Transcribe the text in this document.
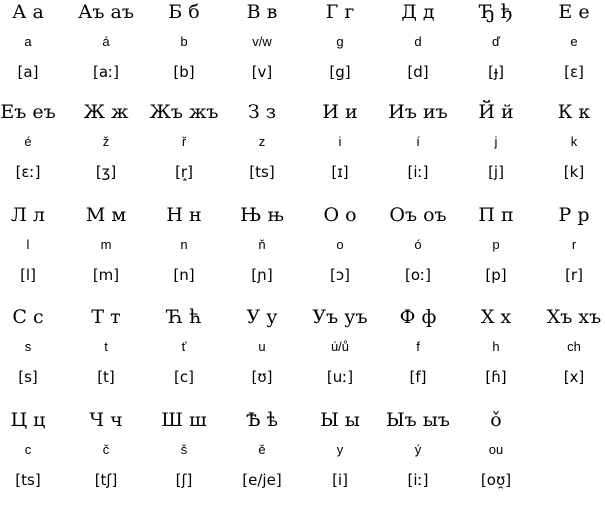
А а
a
[a]
Аъ аъ
á
[aː]
Б б
b
[b]
В в
v/w
[v]
Г г
g
[g]
Д д
d
[d]
Ђ ђ
ď
[ɟ]
Е е
e
[ɛ]
Еъ еъ
é
[ɛː]
Ж ж
ž
[ʒ]
Жъ жъ
ř
[r̝]
З з
z
[ts]
И и
i
[ɪ]
Иъ иъ
í
[iː]
Й й
j
[j]
К к
k
[k]
Л л
l
[l]
М м
m
[m]
Н н
n
[n]
Њ њ
ň
[ɲ]
О о
o
[ɔ]
Оъ оъ
ó
[oː]
П п
p
[p]
Р р
r
[r]
С с
s
[s]
Т т
t
[t]
Ћ ћ
ť
[c]
У у
u
[ʊ]
Уъ уъ
ú/ů
[uː]
Ф ф
f
[f]
Х х
h
[ɦ]
Хъ хъ
ch
[x]
Ц ц
c
[ts]
Ч ч
č
[tʃ]
Ш ш
š
[ʃ]
Ѣ ѣ
ě
[e/je]
Ы ы
y
[i]
Ыъ ыъ
ý
[iː]
ǒ
ou
[oʊ̯]
